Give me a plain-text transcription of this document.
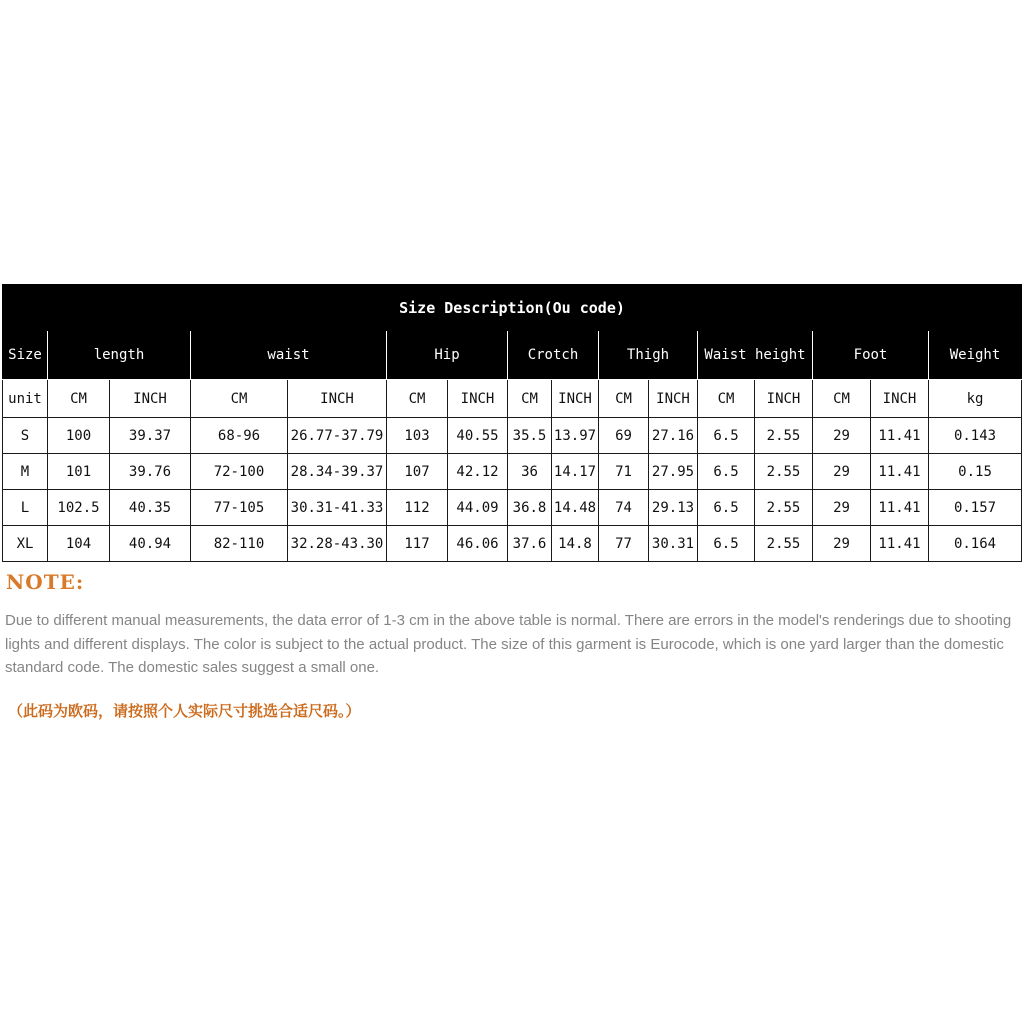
Size Description(Ou code)															
Size	length		waist		Hip		Crotch		Thigh		Waist height		Foot		Weight
unit	CM	INCH	CM	INCH	CM	INCH	CM	INCH	CM	INCH	CM	INCH	CM	INCH	kg
S	100	39.37	68-96	26.77-37.79	103	40.55	35.5	13.97	69	27.16	6.5	2.55	29	11.41	0.143
M	101	39.76	72-100	28.34-39.37	107	42.12	36	14.17	71	27.95	6.5	2.55	29	11.41	0.15
L	102.5	40.35	77-105	30.31-41.33	112	44.09	36.8	14.48	74	29.13	6.5	2.55	29	11.41	0.157
XL	104	40.94	82-110	32.28-43.30	117	46.06	37.6	14.8	77	30.31	6.5	2.55	29	11.41	0.164
NOTE:

Due to different manual measurements, the data error of 1-3 cm in the above table is normal. There are errors in the model's renderings due to shooting lights and different displays. The color is subject to the actual product. The size of this garment is Eurocode, which is one yard larger than the domestic standard code. The domestic sales suggest a small one.

（此码为欧码，请按照个人实际尺寸挑选合适尺码。）
